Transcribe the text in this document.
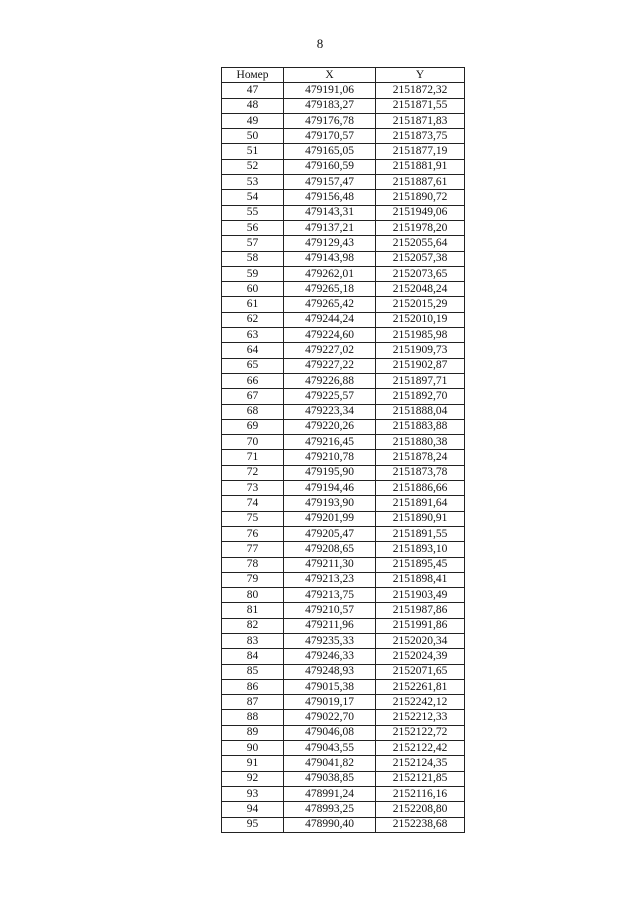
8
Номер	X	Y
47	479191,06	2151872,32
48	479183,27	2151871,55
49	479176,78	2151871,83
50	479170,57	2151873,75
51	479165,05	2151877,19
52	479160,59	2151881,91
53	479157,47	2151887,61
54	479156,48	2151890,72
55	479143,31	2151949,06
56	479137,21	2151978,20
57	479129,43	2152055,64
58	479143,98	2152057,38
59	479262,01	2152073,65
60	479265,18	2152048,24
61	479265,42	2152015,29
62	479244,24	2152010,19
63	479224,60	2151985,98
64	479227,02	2151909,73
65	479227,22	2151902,87
66	479226,88	2151897,71
67	479225,57	2151892,70
68	479223,34	2151888,04
69	479220,26	2151883,88
70	479216,45	2151880,38
71	479210,78	2151878,24
72	479195,90	2151873,78
73	479194,46	2151886,66
74	479193,90	2151891,64
75	479201,99	2151890,91
76	479205,47	2151891,55
77	479208,65	2151893,10
78	479211,30	2151895,45
79	479213,23	2151898,41
80	479213,75	2151903,49
81	479210,57	2151987,86
82	479211,96	2151991,86
83	479235,33	2152020,34
84	479246,33	2152024,39
85	479248,93	2152071,65
86	479015,38	2152261,81
87	479019,17	2152242,12
88	479022,70	2152212,33
89	479046,08	2152122,72
90	479043,55	2152122,42
91	479041,82	2152124,35
92	479038,85	2152121,85
93	478991,24	2152116,16
94	478993,25	2152208,80
95	478990,40	2152238,68
